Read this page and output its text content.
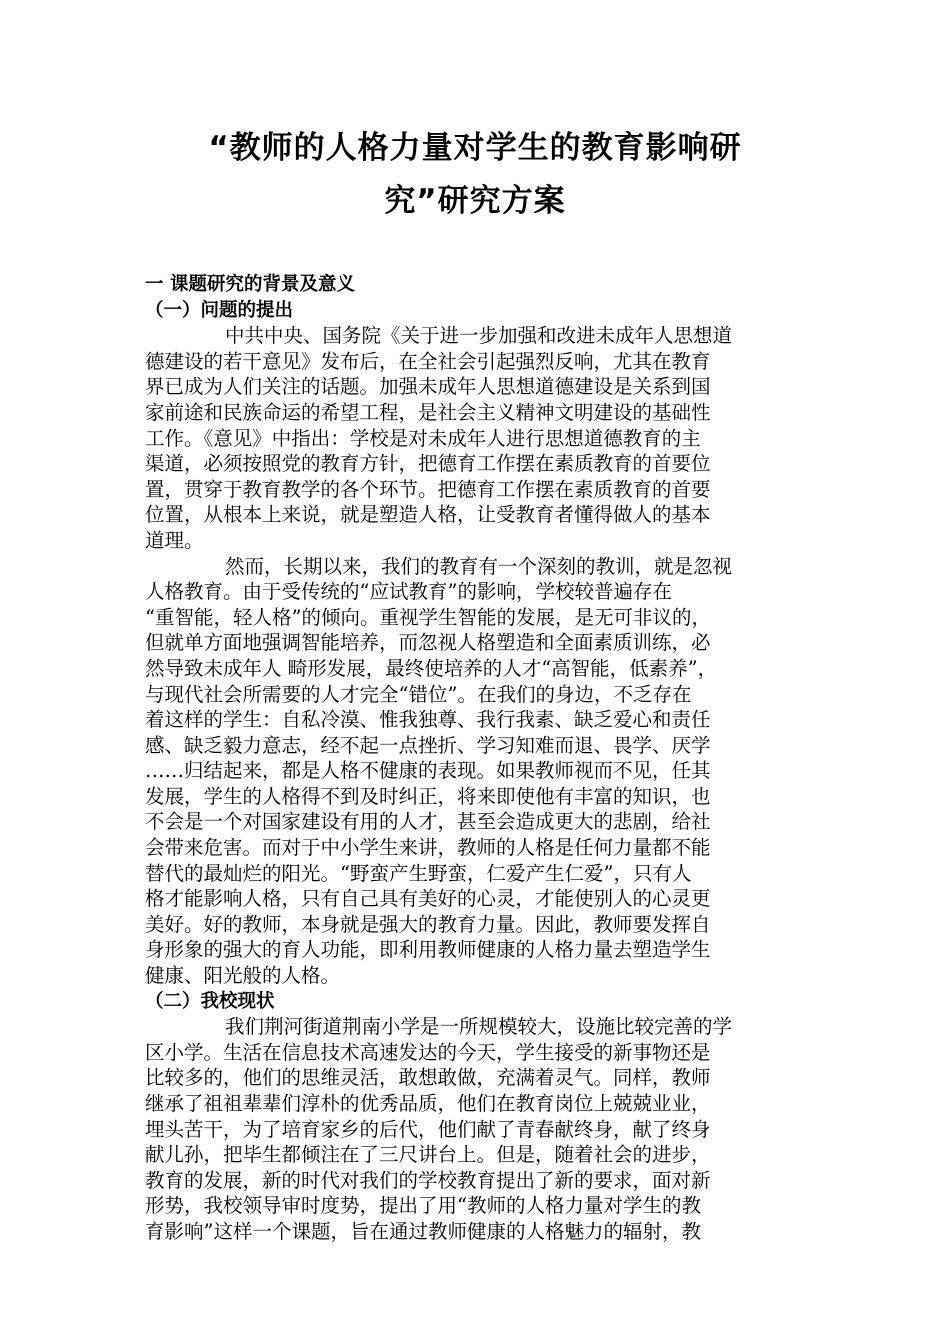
“教师的人格力量对学生的教育影响研
究”研究方案
一 课题研究的背景及意义
（一）问题的提出
中共中央、国务院《关于进一步加强和改进未成年人思想道
德建设的若干意见》发布后，在全社会引起强烈反响，尤其在教育
界已成为人们关注的话题。加强未成年人思想道德建设是关系到国
家前途和民族命运的希望工程，是社会主义精神文明建设的基础性
工作。《意见》中指出：学校是对未成年人进行思想道德教育的主
渠道，必须按照党的教育方针，把德育工作摆在素质教育的首要位
置，贯穿于教育教学的各个环节。把德育工作摆在素质教育的首要
位置，从根本上来说，就是塑造人格，让受教育者懂得做人的基本
道理。
然而，长期以来，我们的教育有一个深刻的教训，就是忽视
人格教育。由于受传统的“应试教育”的影响，学校较普遍存在
“重智能，轻人格”的倾向。重视学生智能的发展，是无可非议的，
但就单方面地强调智能培养，而忽视人格塑造和全面素质训练，必
然导致未成年人 畸形发展，最终使培养的人才“高智能，低素养”，
与现代社会所需要的人才完全“错位”。在我们的身边，不乏存在
着这样的学生：自私冷漠、惟我独尊、我行我素、缺乏爱心和责任
感、缺乏毅力意志，经不起一点挫折、学习知难而退、畏学、厌学
……归结起来，都是人格不健康的表现。如果教师视而不见，任其
发展，学生的人格得不到及时纠正，将来即使他有丰富的知识，也
不会是一个对国家建设有用的人才，甚至会造成更大的悲剧，给社
会带来危害。而对于中小学生来讲，教师的人格是任何力量都不能
替代的最灿烂的阳光。“野蛮产生野蛮，仁爱产生仁爱”，只有人
格才能影响人格，只有自己具有美好的心灵，才能使别人的心灵更
美好。好的教师，本身就是强大的教育力量。因此，教师要发挥自
身形象的强大的育人功能，即利用教师健康的人格力量去塑造学生
健康、阳光般的人格。
（二）我校现状
我们荆河街道荆南小学是一所规模较大，设施比较完善的学
区小学。生活在信息技术高速发达的今天，学生接受的新事物还是
比较多的，他们的思维灵活，敢想敢做，充满着灵气。同样，教师
继承了祖祖辈辈们淳朴的优秀品质，他们在教育岗位上兢兢业业，
埋头苦干，为了培育家乡的后代，他们献了青春献终身，献了终身
献儿孙，把毕生都倾注在了三尺讲台上。但是，随着社会的进步，
教育的发展，新的时代对我们的学校教育提出了新的要求，面对新
形势，我校领导审时度势，提出了用“教师的人格力量对学生的教
育影响”这样一个课题，旨在通过教师健康的人格魅力的辐射，教
